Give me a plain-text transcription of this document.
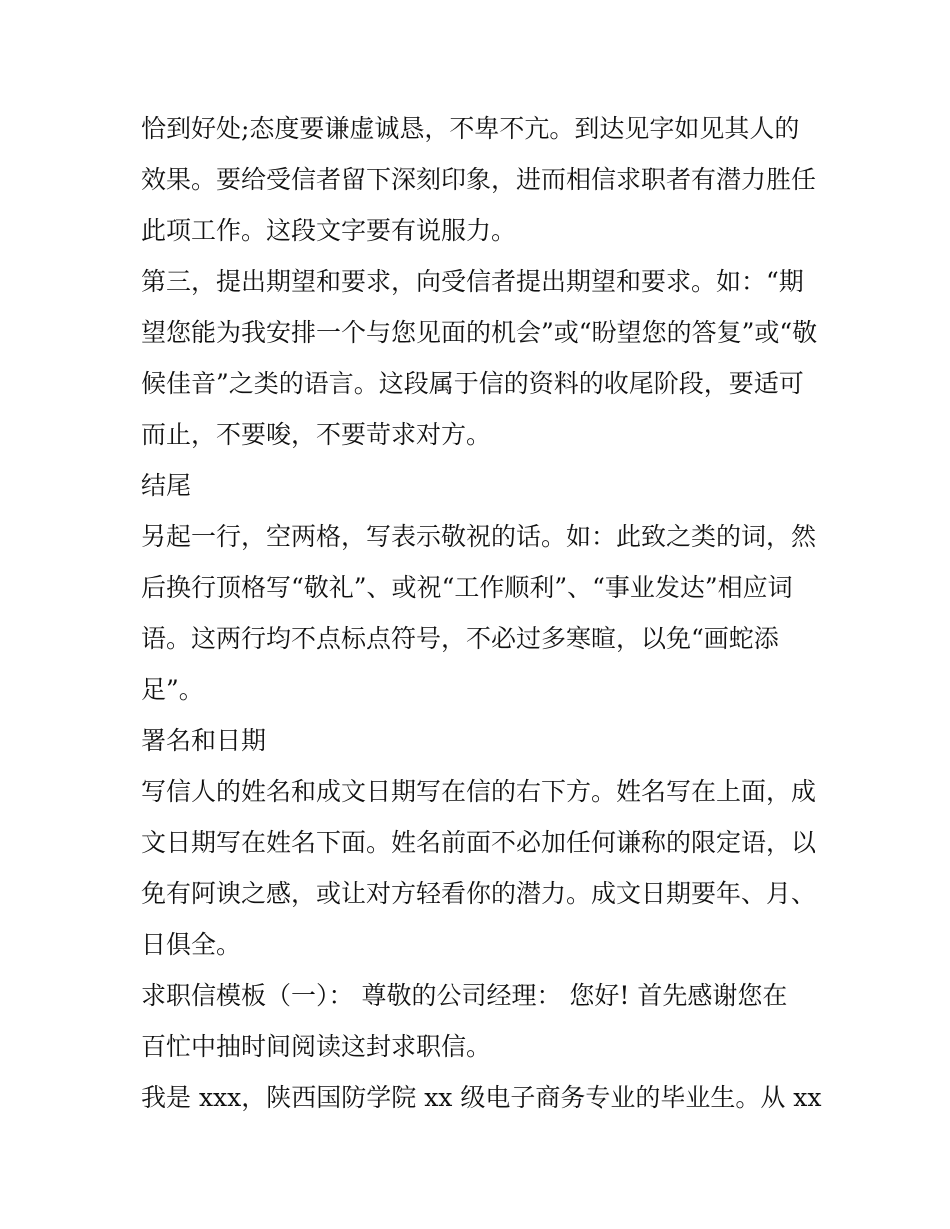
恰到好处;态度要谦虚诚恳，不卑不亢。到达见字如见其人的
效果。要给受信者留下深刻印象，进而相信求职者有潜力胜任
此项工作。这段文字要有说服力。
第三，提出期望和要求，向受信者提出期望和要求。如：“期
望您能为我安排一个与您见面的机会”或“盼望您的答复”或“敬
候佳音”之类的语言。这段属于信的资料的收尾阶段，要适可
而止，不要唆，不要苛求对方。
结尾
另起一行，空两格，写表示敬祝的话。如：此致之类的词，然
后换行顶格写“敬礼”、或祝“工作顺利”、“事业发达”相应词
语。这两行均不点标点符号，不必过多寒暄，以免“画蛇添
足”。
署名和日期
写信人的姓名和成文日期写在信的右下方。姓名写在上面，成
文日期写在姓名下面。姓名前面不必加任何谦称的限定语，以
免有阿谀之感，或让对方轻看你的潜力。成文日期要年、月、
日俱全。
求职信模板（一）： 尊敬的公司经理： 您好! 首先感谢您在
百忙中抽时间阅读这封求职信。
我是 xxx，陕西国防学院 xx 级电子商务专业的毕业生。从 xx
